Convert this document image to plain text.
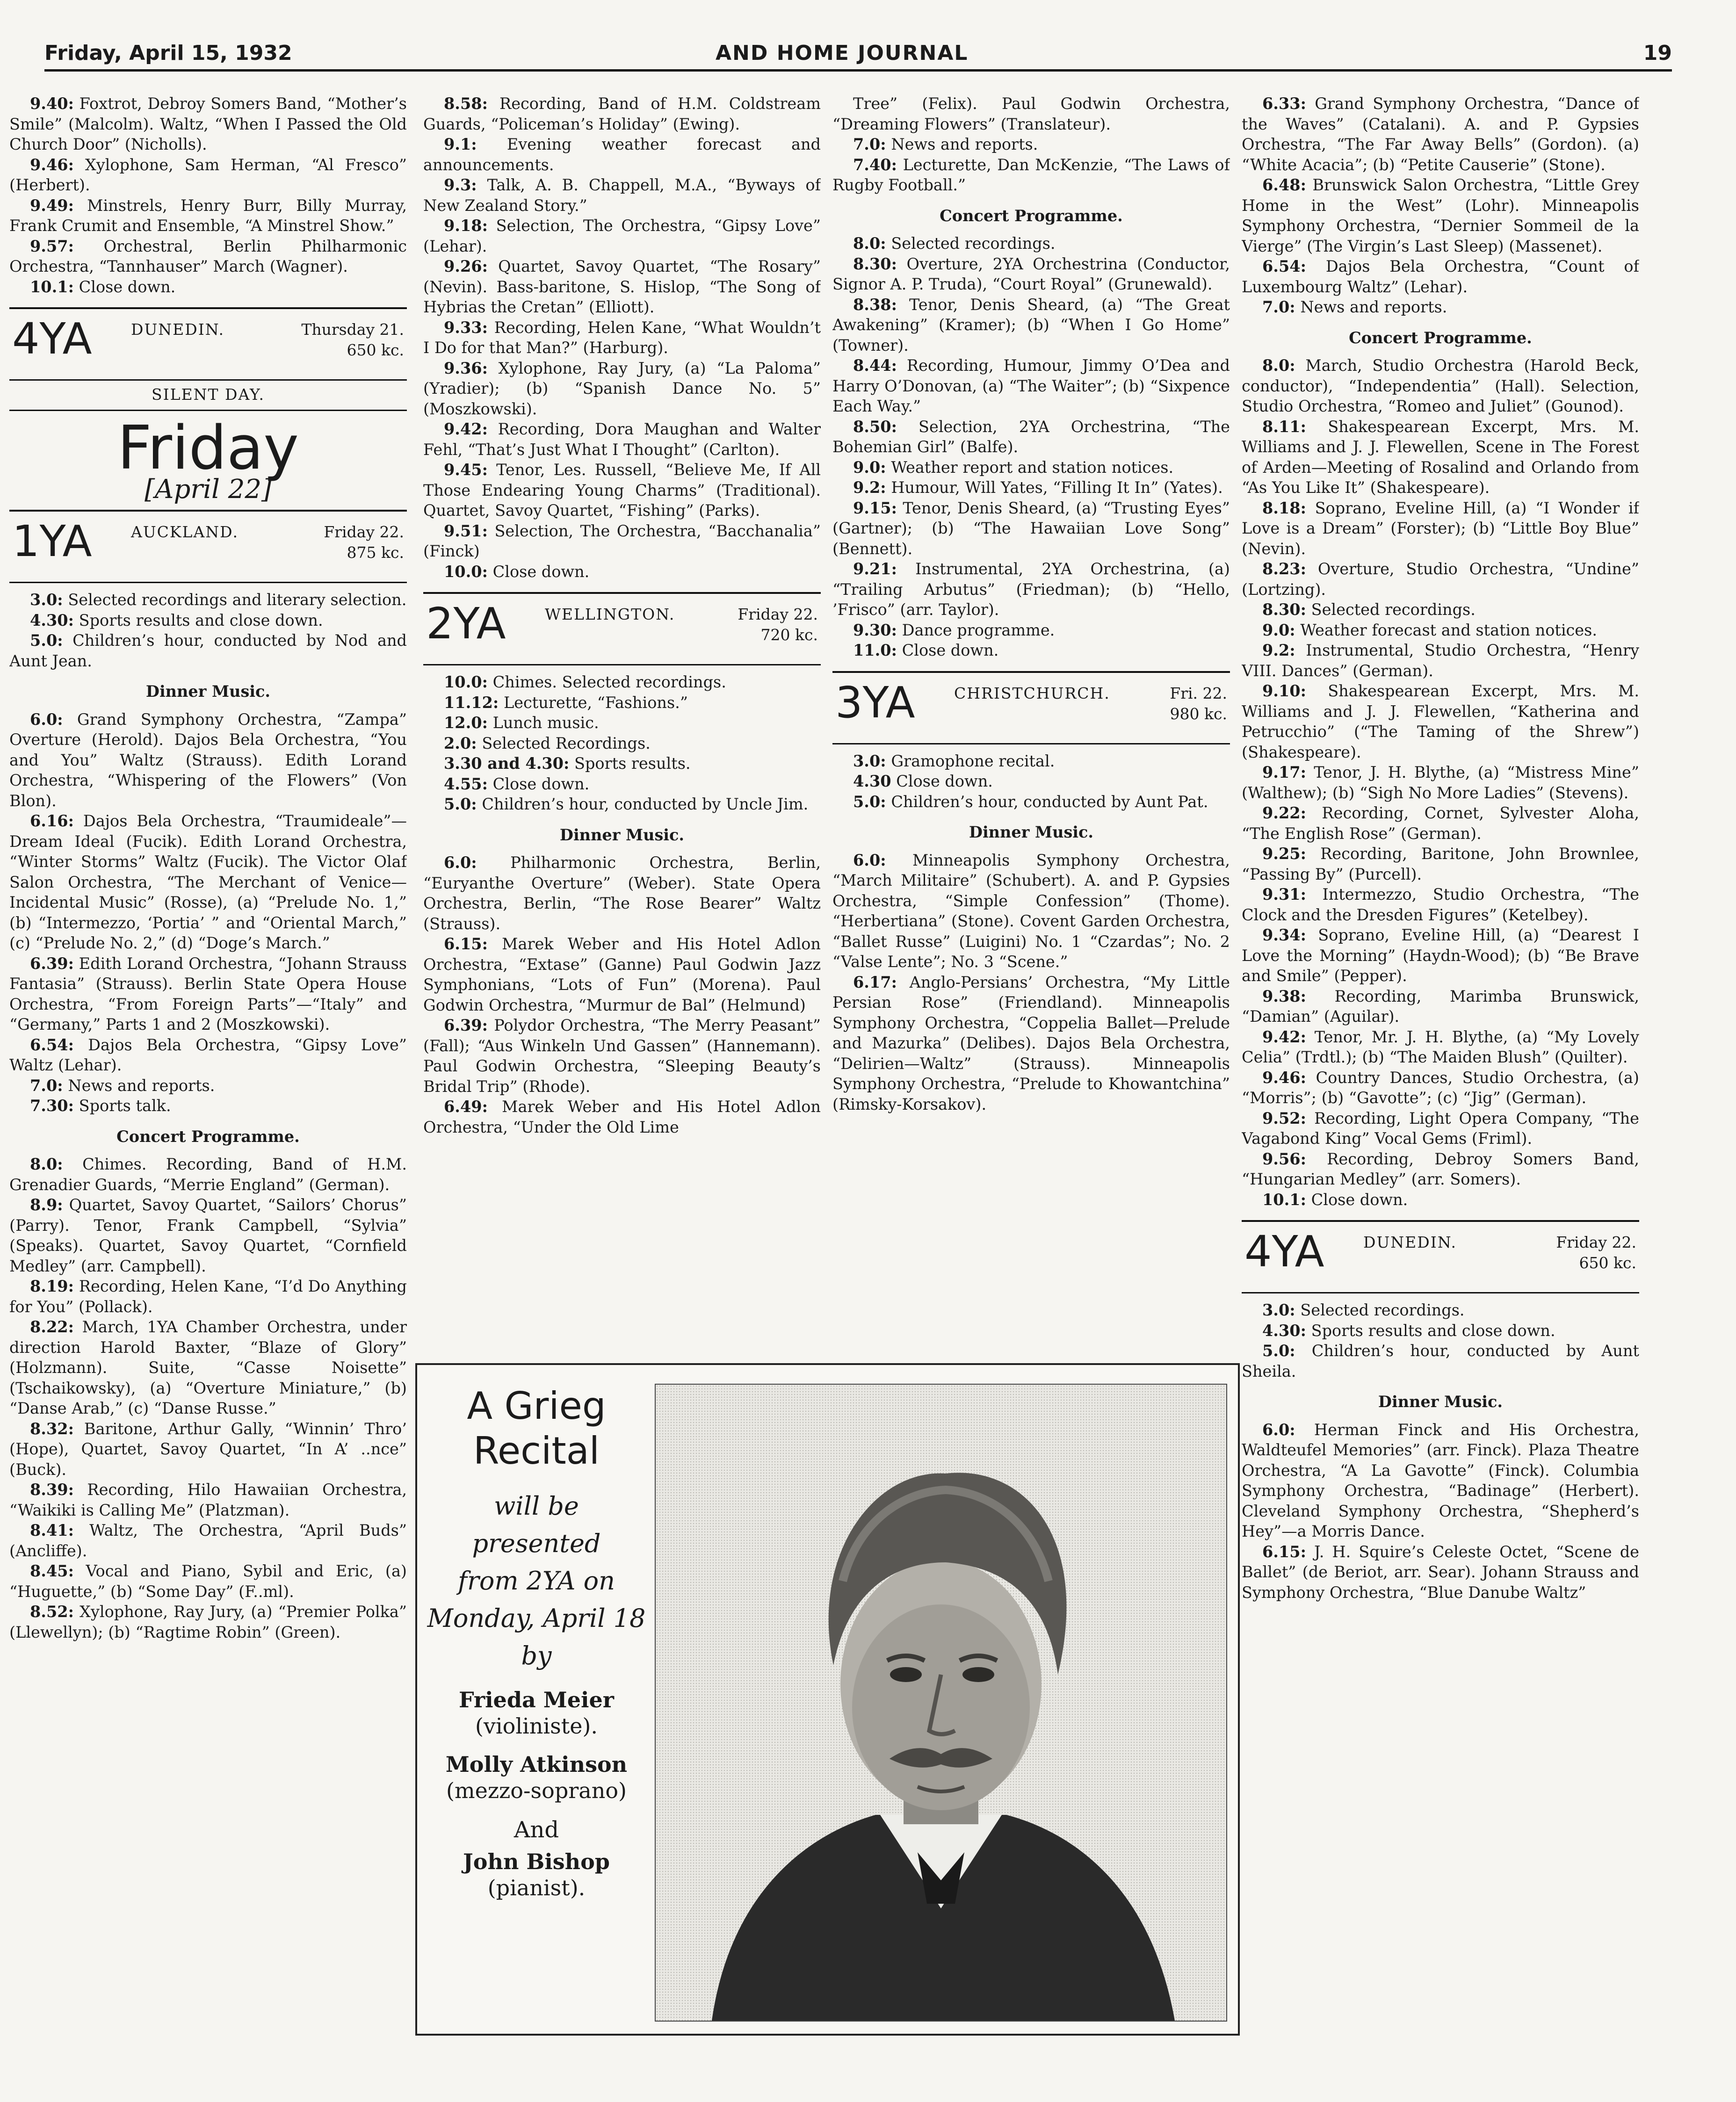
Friday, April 15, 1932	AND HOME JOURNAL	19

9.40: Foxtrot, Debroy Somers Band, “Mother’s Smile” (Malcolm). Waltz, “When I Passed the Old Church Door” (Nicholls).

9.46: Xylophone, Sam Herman, “Al Fresco” (Herbert).

9.49: Minstrels, Henry Burr, Billy Murray, Frank Crumit and Ensemble, “A Minstrel Show.”

9.57: Orchestral, Berlin Philharmonic Orchestra, “Tannhauser” March (Wagner).

10.1: Close down.

4YA	DUNEDIN.	Thursday 21.
650 kc.
SILENT DAY.
Friday
[April 22]
1YA	AUCKLAND.	Friday 22.
875 kc.

3.0: Selected recordings and literary selection.

4.30: Sports results and close down.

5.0: Children’s hour, conducted by Nod and Aunt Jean.

Dinner Music.

6.0: Grand Symphony Orchestra, “Zampa” Overture (Herold). Dajos Bela Orchestra, “You and You” Waltz (Strauss). Edith Lorand Orchestra, “Whispering of the Flowers” (Von Blon).

6.16: Dajos Bela Orchestra, “Traumideale”—Dream Ideal (Fucik). Edith Lorand Orchestra, “Winter Storms” Waltz (Fucik). The Victor Olaf Salon Orchestra, “The Merchant of Venice—Incidental Music” (Rosse), (a) “Prelude No. 1,” (b) “Intermezzo, ‘Portia’ ” and “Oriental March,” (c) “Prelude No. 2,” (d) “Doge’s March.”

6.39: Edith Lorand Orchestra, “Johann Strauss Fantasia” (Strauss). Berlin State Opera House Orchestra, “From Foreign Parts”—“Italy” and “Germany,” Parts 1 and 2 (Moszkowski).

6.54: Dajos Bela Orchestra, “Gipsy Love” Waltz (Lehar).

7.0: News and reports.

7.30: Sports talk.

Concert Programme.

8.0: Chimes. Recording, Band of H.M. Grenadier Guards, “Merrie England” (German).

8.9: Quartet, Savoy Quartet, “Sailors’ Chorus” (Parry). Tenor, Frank Campbell, “Sylvia” (Speaks). Quartet, Savoy Quartet, “Cornfield Medley” (arr. Campbell).

8.19: Recording, Helen Kane, “I’d Do Anything for You” (Pollack).

8.22: March, 1YA Chamber Orchestra, under direction Harold Baxter, “Blaze of Glory” (Holzmann). Suite, “Casse Noisette” (Tschaikowsky), (a) “Overture Miniature,” (b) “Danse Arab,” (c) “Danse Russe.”

8.32: Baritone, Arthur Gally, “Winnin’ Thro’ (Hope), Quartet, Savoy Quartet, “In A’ ..nce” (Buck).

8.39: Recording, Hilo Hawaiian Orchestra, “Waikiki is Calling Me” (Platzman).

8.41: Waltz, The Orchestra, “April Buds” (Ancliffe).

8.45: Vocal and Piano, Sybil and Eric, (a) “Huguette,” (b) “Some Day” (F..ml).

8.52: Xylophone, Ray Jury, (a) “Premier Polka” (Llewellyn); (b) “Ragtime Robin” (Green).

8.58: Recording, Band of H.M. Coldstream Guards, “Policeman’s Holiday” (Ewing).

9.1: Evening weather forecast and announcements.

9.3: Talk, A. B. Chappell, M.A., “Byways of New Zealand Story.”

9.18: Selection, The Orchestra, “Gipsy Love” (Lehar).

9.26: Quartet, Savoy Quartet, “The Rosary” (Nevin). Bass-baritone, S. Hislop, “The Song of Hybrias the Cretan” (Elliott).

9.33: Recording, Helen Kane, “What Wouldn’t I Do for that Man?” (Harburg).

9.36: Xylophone, Ray Jury, (a) “La Paloma” (Yradier); (b) “Spanish Dance No. 5” (Moszkowski).

9.42: Recording, Dora Maughan and Walter Fehl, “That’s Just What I Thought” (Carlton).

9.45: Tenor, Les. Russell, “Believe Me, If All Those Endearing Young Charms” (Traditional). Quartet, Savoy Quartet, “Fishing” (Parks).

9.51: Selection, The Orchestra, “Bacchanalia” (Finck)

10.0: Close down.

2YA	WELLINGTON.	Friday 22.
720 kc.

10.0: Chimes. Selected recordings.

11.12: Lecturette, “Fashions.”

12.0: Lunch music.

2.0: Selected Recordings.

3.30 and 4.30: Sports results.

4.55: Close down.

5.0: Children’s hour, conducted by Uncle Jim.

Dinner Music.

6.0: Philharmonic Orchestra, Berlin, “Euryanthe Overture” (Weber). State Opera Orchestra, Berlin, “The Rose Bearer” Waltz (Strauss).

6.15: Marek Weber and His Hotel Adlon Orchestra, “Extase” (Ganne) Paul Godwin Jazz Symphonians, “Lots of Fun” (Morena). Paul Godwin Orchestra, “Murmur de Bal” (Helmund)

6.39: Polydor Orchestra, “The Merry Peasant” (Fall); “Aus Winkeln Und Gassen” (Hannemann). Paul Godwin Orchestra, “Sleeping Beauty’s Bridal Trip” (Rhode).

6.49: Marek Weber and His Hotel Adlon Orchestra, “Under the Old Lime

Tree” (Felix). Paul Godwin Orchestra, “Dreaming Flowers” (Translateur).

7.0: News and reports.

7.40: Lecturette, Dan McKenzie, “The Laws of Rugby Football.”

Concert Programme.

8.0: Selected recordings.

8.30: Overture, 2YA Orchestrina (Conductor, Signor A. P. Truda), “Court Royal” (Grunewald).

8.38: Tenor, Denis Sheard, (a) “The Great Awakening” (Kramer); (b) “When I Go Home” (Towner).

8.44: Recording, Humour, Jimmy O’Dea and Harry O’Donovan, (a) “The Waiter”; (b) “Sixpence Each Way.”

8.50: Selection, 2YA Orchestrina, “The Bohemian Girl” (Balfe).

9.0: Weather report and station notices.

9.2: Humour, Will Yates, “Filling It In” (Yates).

9.15: Tenor, Denis Sheard, (a) “Trusting Eyes” (Gartner); (b) “The Hawaiian Love Song” (Bennett).

9.21: Instrumental, 2YA Orchestrina, (a) “Trailing Arbutus” (Friedman); (b) “Hello, ’Frisco” (arr. Taylor).

9.30: Dance programme.

11.0: Close down.

3YA	CHRISTCHURCH.	Fri. 22.
980 kc.

3.0: Gramophone recital.

4.30 Close down.

5.0: Children’s hour, conducted by Aunt Pat.

Dinner Music.

6.0: Minneapolis Symphony Orchestra, “March Militaire” (Schubert). A. and P. Gypsies Orchestra, “Simple Confession” (Thome). “Herbertiana” (Stone). Covent Garden Orchestra, “Ballet Russe” (Luigini) No. 1 “Czardas”; No. 2 “Valse Lente”; No. 3 “Scene.”

6.17: Anglo-Persians’ Orchestra, “My Little Persian Rose” (Friendland). Minneapolis Symphony Orchestra, “Coppelia Ballet—Prelude and Mazurka” (Delibes). Dajos Bela Orchestra, “Delirien—Waltz” (Strauss). Minneapolis Symphony Orchestra, “Prelude to Khowantchina” (Rimsky-Korsakov).

6.33: Grand Symphony Orchestra, “Dance of the Waves” (Catalani). A. and P. Gypsies Orchestra, “The Far Away Bells” (Gordon). (a) “White Acacia”; (b) “Petite Causerie” (Stone).

6.48: Brunswick Salon Orchestra, “Little Grey Home in the West” (Lohr). Minneapolis Symphony Orchestra, “Dernier Sommeil de la Vierge” (The Virgin’s Last Sleep) (Massenet).

6.54: Dajos Bela Orchestra, “Count of Luxembourg Waltz” (Lehar).

7.0: News and reports.

Concert Programme.

8.0: March, Studio Orchestra (Harold Beck, conductor), “Independentia” (Hall). Selection, Studio Orchestra, “Romeo and Juliet” (Gounod).

8.11: Shakespearean Excerpt, Mrs. M. Williams and J. J. Flewellen, Scene in The Forest of Arden—Meeting of Rosalind and Orlando from “As You Like It” (Shakespeare).

8.18: Soprano, Eveline Hill, (a) “I Wonder if Love is a Dream” (Forster); (b) “Little Boy Blue” (Nevin).

8.23: Overture, Studio Orchestra, “Undine” (Lortzing).

8.30: Selected recordings.

9.0: Weather forecast and station notices.

9.2: Instrumental, Studio Orchestra, “Henry VIII. Dances” (German).

9.10: Shakespearean Excerpt, Mrs. M. Williams and J. J. Flewellen, “Katherina and Petrucchio” (“The Taming of the Shrew”) (Shakespeare).

9.17: Tenor, J. H. Blythe, (a) “Mistress Mine” (Walthew); (b) “Sigh No More Ladies” (Stevens).

9.22: Recording, Cornet, Sylvester Aloha, “The English Rose” (German).

9.25: Recording, Baritone, John Brownlee, “Passing By” (Purcell).

9.31: Intermezzo, Studio Orchestra, “The Clock and the Dresden Figures” (Ketelbey).

9.34: Soprano, Eveline Hill, (a) “Dearest I Love the Morning” (Haydn-Wood); (b) “Be Brave and Smile” (Pepper).

9.38: Recording, Marimba Brunswick, “Damian” (Aguilar).

9.42: Tenor, Mr. J. H. Blythe, (a) “My Lovely Celia” (Trdtl.); (b) “The Maiden Blush” (Quilter).

9.46: Country Dances, Studio Orchestra, (a) “Morris”; (b) “Gavotte”; (c) “Jig” (German).

9.52: Recording, Light Opera Company, “The Vagabond King” Vocal Gems (Friml).

9.56: Recording, Debroy Somers Band, “Hungarian Medley” (arr. Somers).

10.1: Close down.

4YA	DUNEDIN.	Friday 22.
650 kc.

3.0: Selected recordings.

4.30: Sports results and close down.

5.0: Children’s hour, conducted by Aunt Sheila.

Dinner Music.

6.0: Herman Finck and His Orchestra, Waldteufel Memories” (arr. Finck). Plaza Theatre Orchestra, “A La Gavotte” (Finck). Columbia Symphony Orchestra, “Badinage” (Herbert). Cleveland Symphony Orchestra, “Shepherd’s Hey”—a Morris Dance.

6.15: J. H. Squire’s Celeste Octet, “Scene de Ballet” (de Beriot, arr. Sear). Johann Strauss and Symphony Orchestra, “Blue Danube Waltz”

A Grieg
Recital
will be presented
from 2YA on
Monday, April 18
by
Frieda Meier
(violiniste).
Molly Atkinson
(mezzo-soprano)
And
John Bishop
(pianist).
